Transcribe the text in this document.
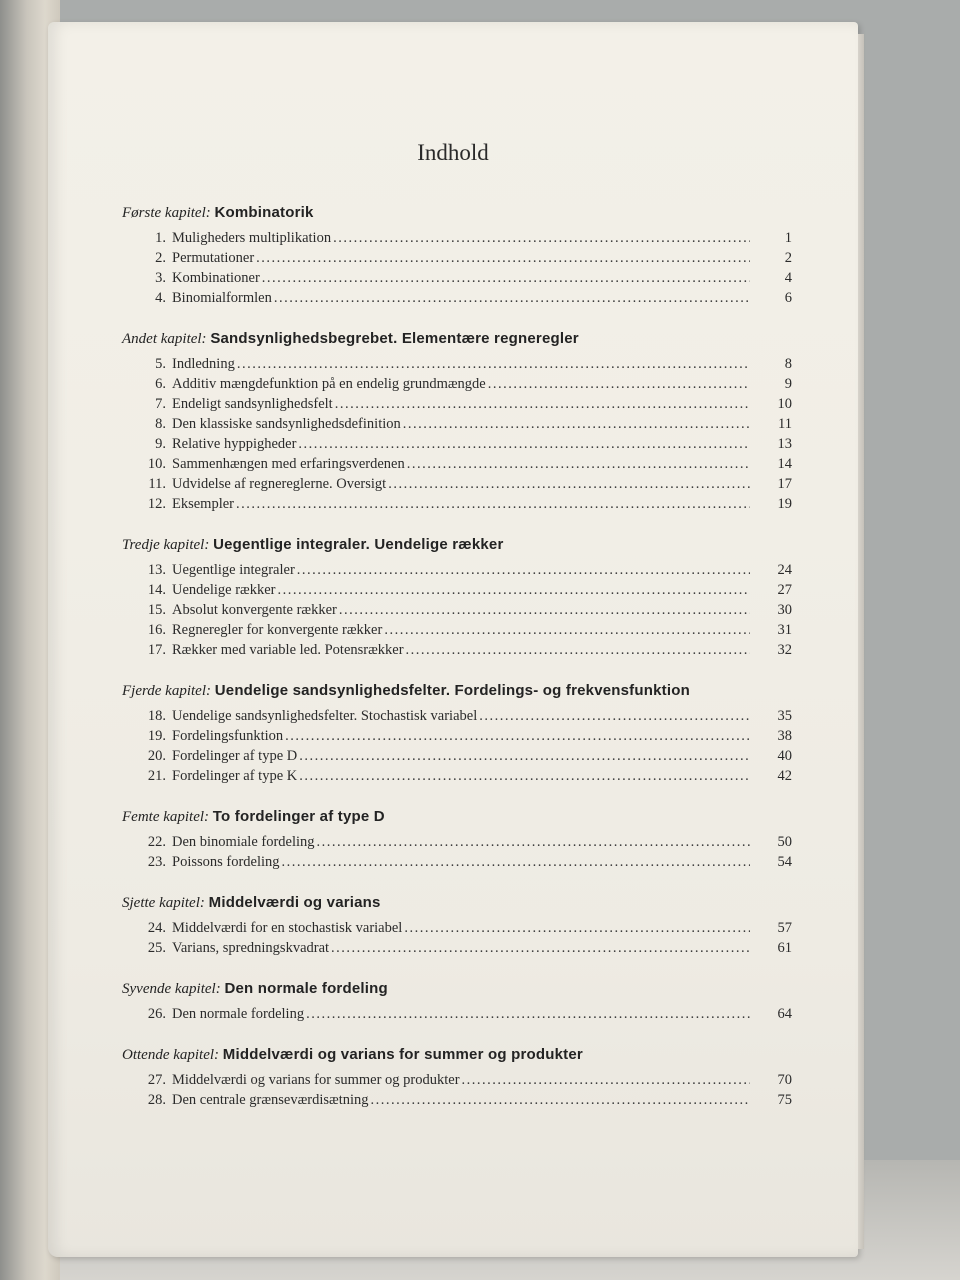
Indhold
Første kapitel: Kombinatorik
1. Muligheders multiplikation .....	1
2. Permutationer .....	2
3. Kombinationer .....	4
4. Binomialformlen .....	6
Andet kapitel: Sandsynlighedsbegrebet. Elementære regneregler
5. Indledning .....	8
6. Additiv mængdefunktion på en endelig grundmængde .....	9
7. Endeligt sandsynlighedsfelt .....	10
8. Den klassiske sandsynlighedsdefinition .....	11
9. Relative hyppigheder .....	13
10. Sammenhængen med erfaringsverdenen .....	14
11. Udvidelse af regnereglerne. Oversigt .....	17
12. Eksempler .....	19
Tredje kapitel: Uegentlige integraler. Uendelige rækker
13. Uegentlige integraler .....	24
14. Uendelige rækker .....	27
15. Absolut konvergente rækker .....	30
16. Regneregler for konvergente rækker .....	31
17. Rækker med variable led. Potensrækker .....	32
Fjerde kapitel: Uendelige sandsynlighedsfelter. Fordelings- og frekvensfunktion
18. Uendelige sandsynlighedsfelter. Stochastisk variabel .....	35
19. Fordelingsfunktion .....	38
20. Fordelinger af type D .....	40
21. Fordelinger af type K .....	42
Femte kapitel: To fordelinger af type D
22. Den binomiale fordeling .....	50
23. Poissons fordeling .....	54
Sjette kapitel: Middelværdi og varians
24. Middelværdi for en stochastisk variabel .....	57
25. Varians, spredningskvadrat .....	61
Syvende kapitel: Den normale fordeling
26. Den normale fordeling .....	64
Ottende kapitel: Middelværdi og varians for summer og produkter
27. Middelværdi og varians for summer og produkter .....	70
28. Den centrale grænseværdisætning .....	75
